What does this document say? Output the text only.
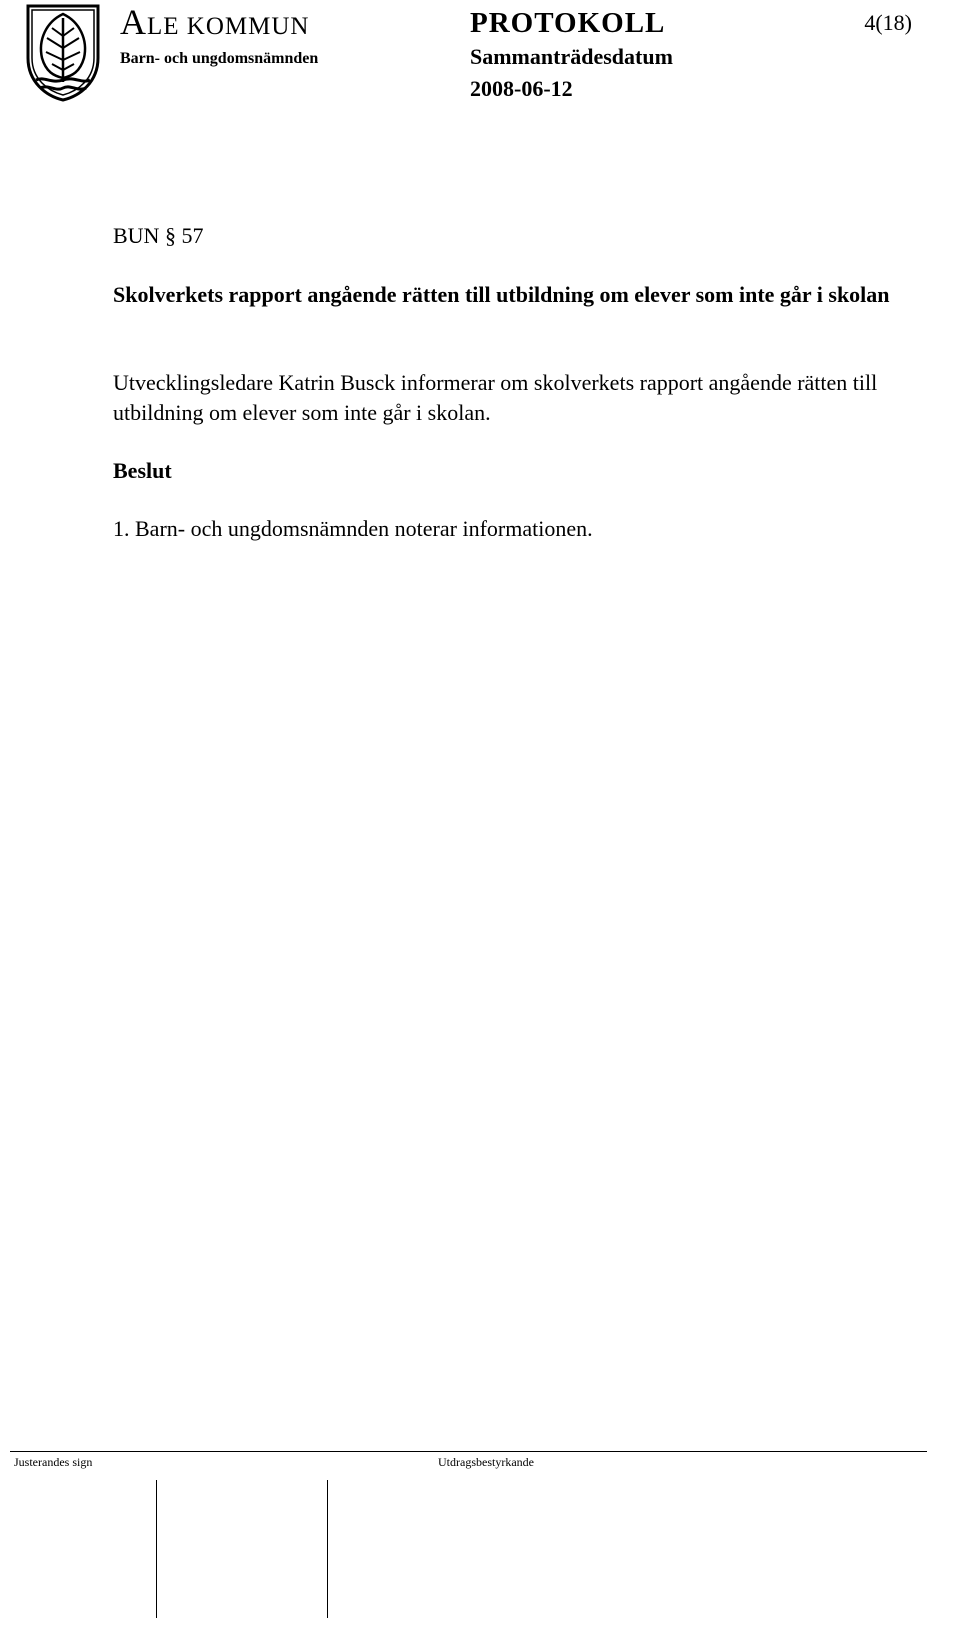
ALE KOMMUN
Barn- och ungdomsnämnden
PROTOKOLL
Sammanträdesdatum
2008-06-12
4(18)
BUN § 57
Skolverkets rapport angående rätten till utbildning om elever som inte går i skolan
Utvecklingsledare Katrin Busck informerar om skolverkets rapport angående rätten till utbildning om elever som inte går i skolan.
Beslut
1. Barn- och ungdomsnämnden noterar informationen.
Justerandes sign	Utdragsbestyrkande
